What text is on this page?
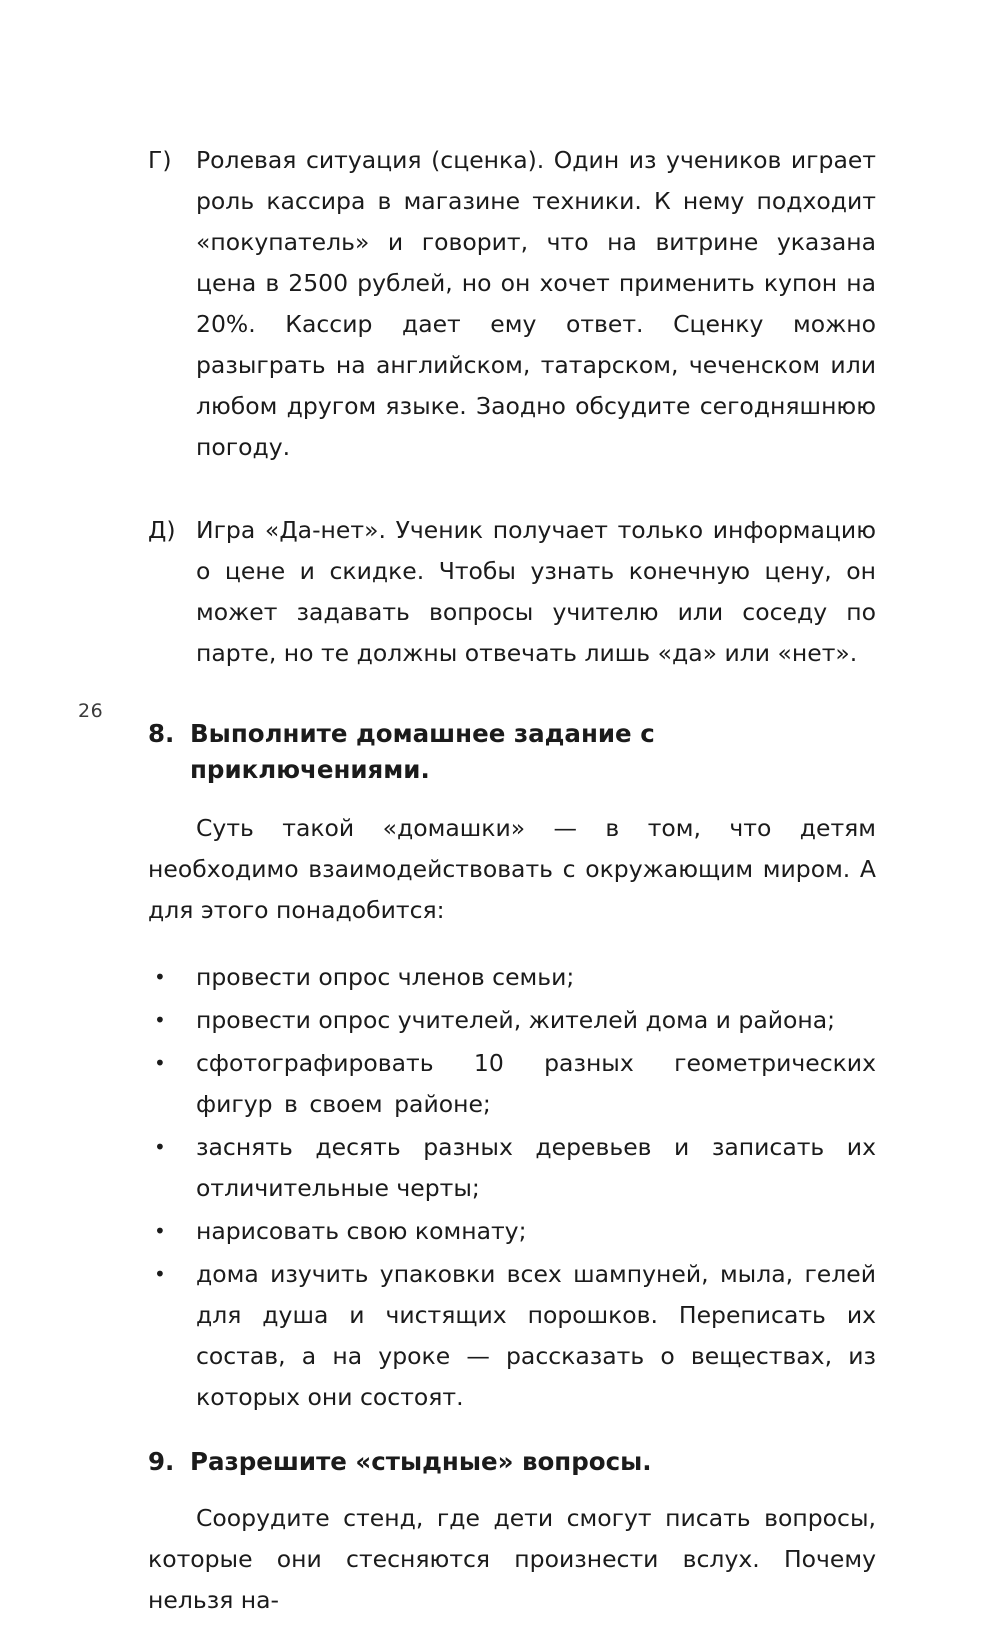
26
Г)	Ролевая ситуация (сценка). Один из учеников играет роль кассира в магазине техники. К нему подходит «покупатель» и говорит, что на витрине указана цена в 2500 рублей, но он хочет применить купон на 20%. Кассир дает ему ответ. Сценку можно разыграть на английском, татарском, чеченском или любом другом языке. Заодно обсудите сегодняшнюю погоду.
Д) Игра «Да-нет». Ученик получает только информацию о цене и скидке. Чтобы узнать конечную цену, он может задавать вопросы учителю или соседу по парте, но те должны отвечать лишь «да» или «нет».
8. Выполните домашнее задание с приключениями.
Суть такой «домашки» — в том, что детям необходимо взаимодействовать с окружающим миром. А для этого понадобится:
• провести опрос членов семьи;
• провести опрос учителей, жителей дома и района;
• сфотографировать 10 разных геометрических фигур в своем районе;
• заснять десять разных деревьев и записать их отличительные черты;
• нарисовать свою комнату;
• дома изучить упаковки всех шампуней, мыла, гелей для душа и чистящих порошков. Переписать их состав, а на уроке — рассказать о веществах, из которых они состоят.
9. Разрешите «стыдные» вопросы.
Соорудите стенд, где дети смогут писать вопросы, которые они стесняются произнести вслух. Почему нельзя на-
